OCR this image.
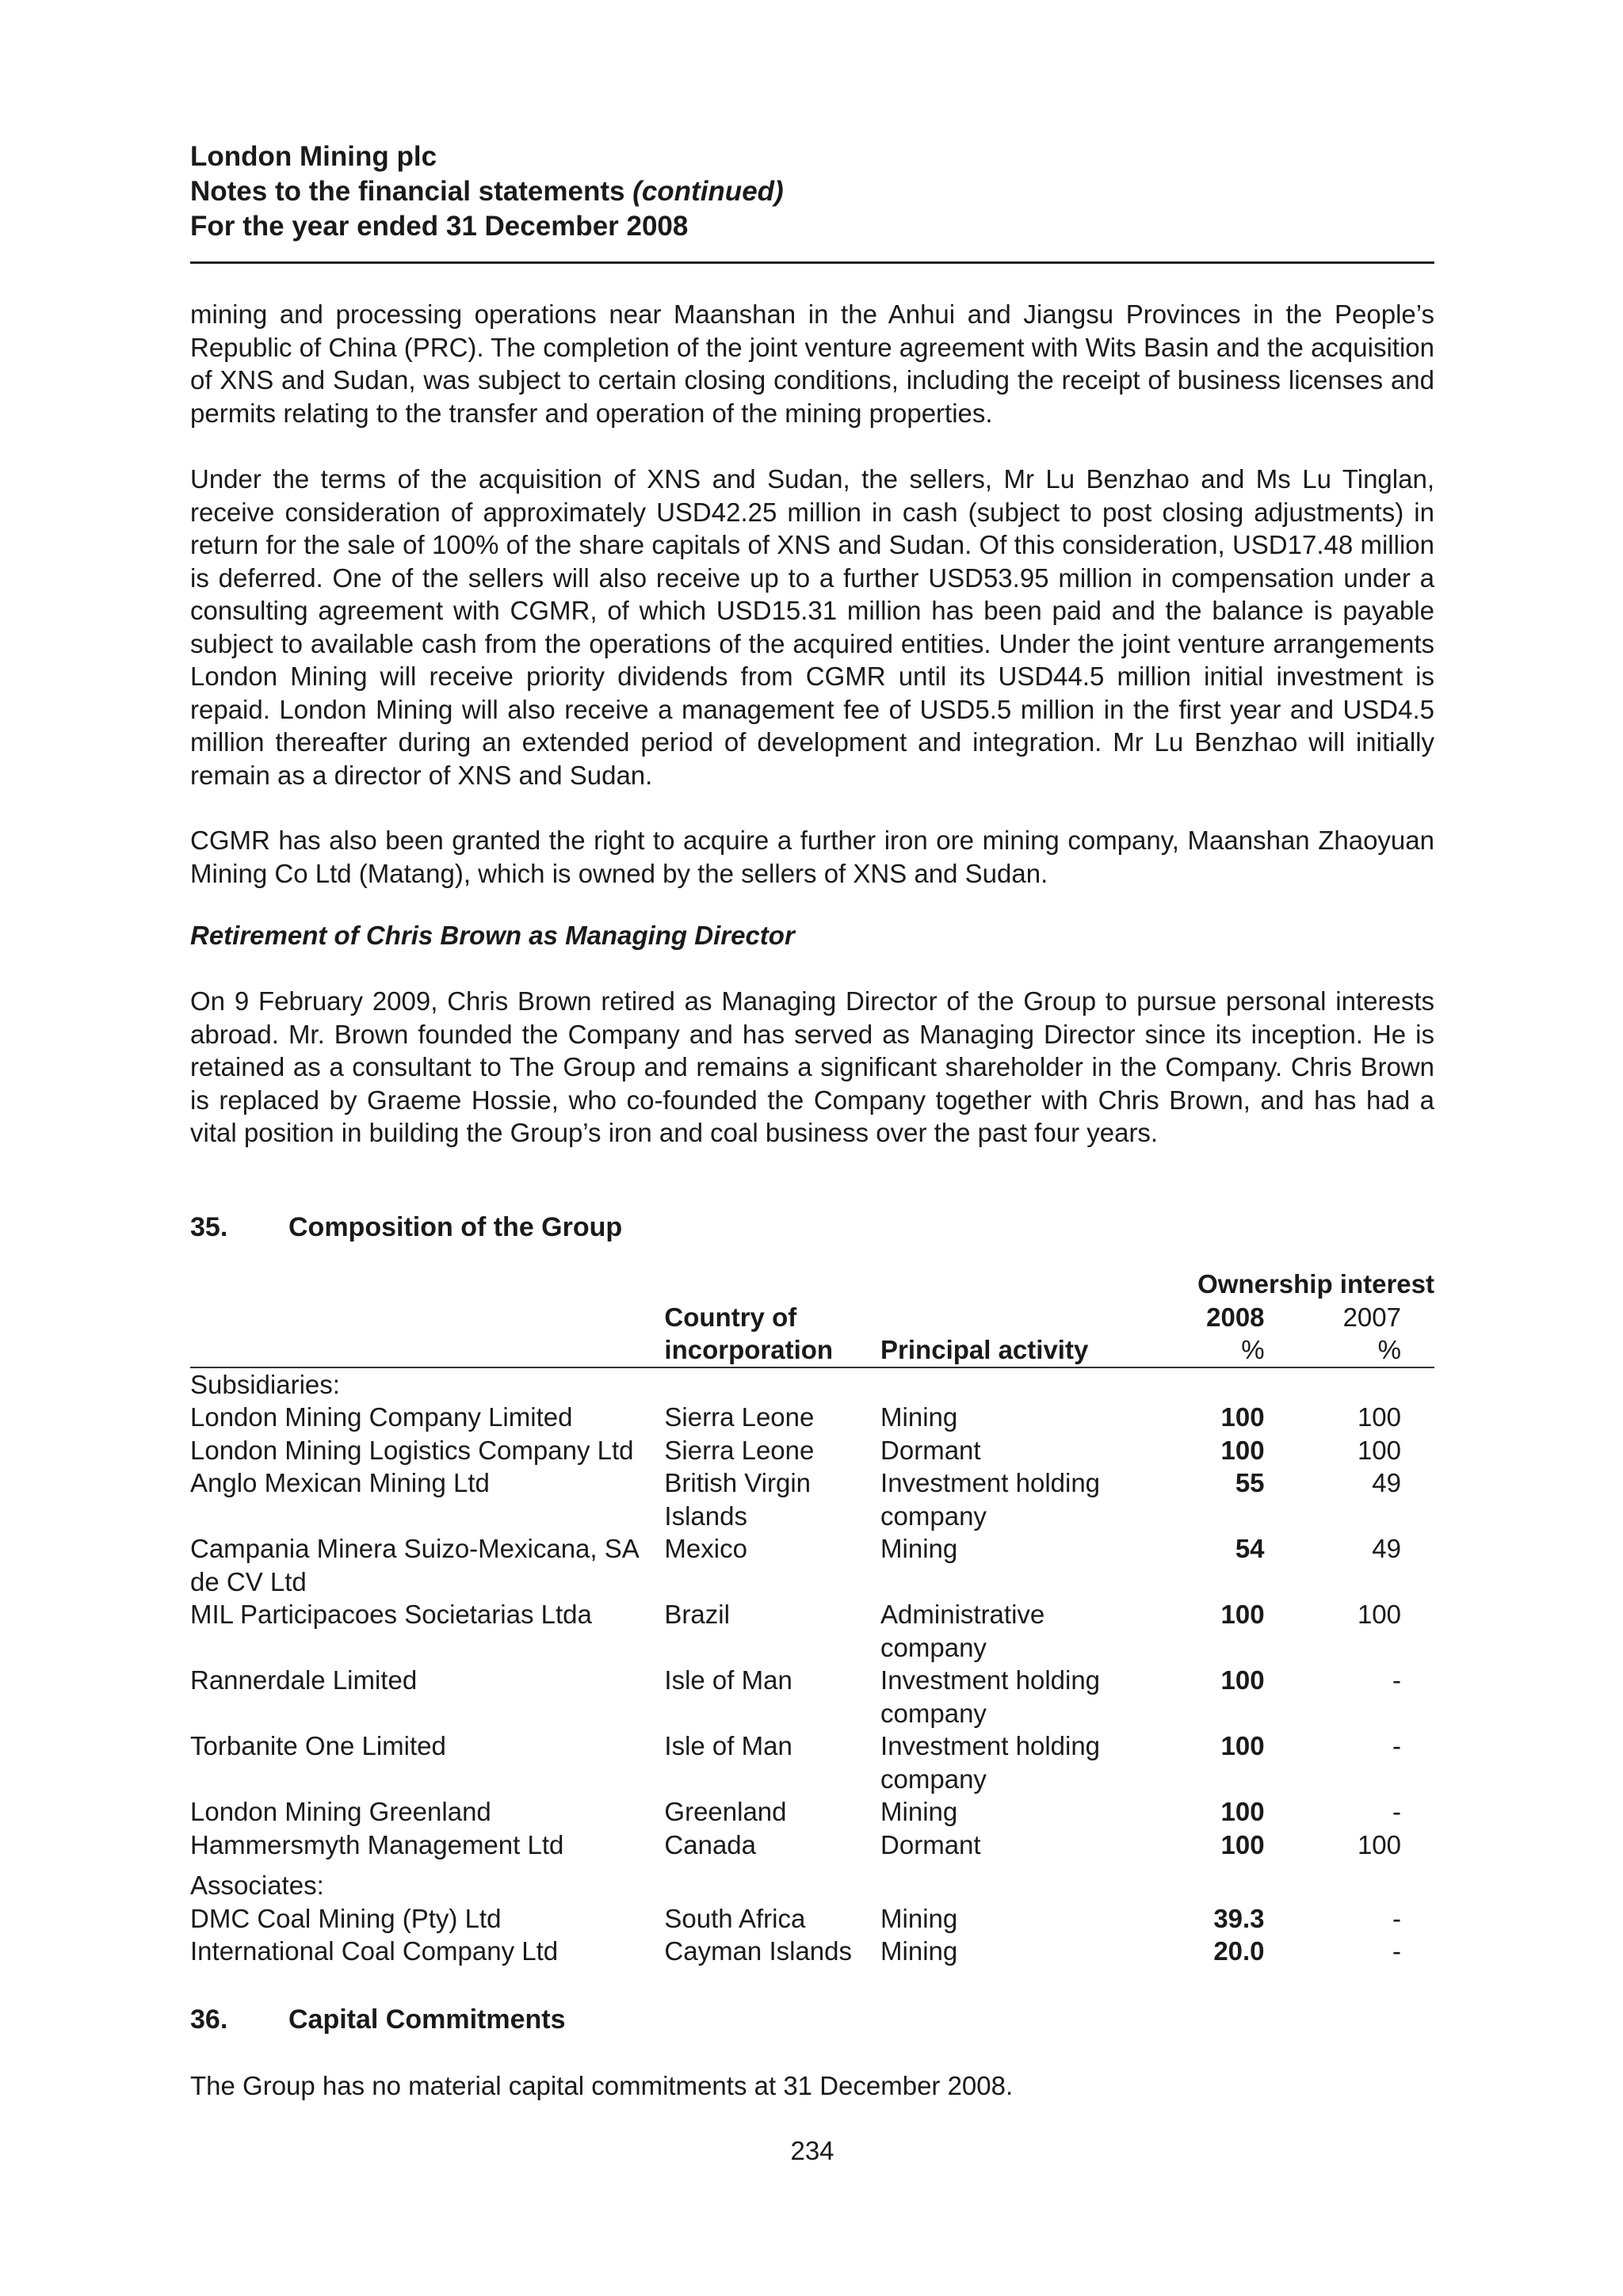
London Mining plc
Notes to the financial statements (continued)
For the year ended 31 December 2008

mining and processing operations near Maanshan in the Anhui and Jiangsu Provinces in the People’s Republic of China (PRC). The completion of the joint venture agreement with Wits Basin and the acquisition of XNS and Sudan, was subject to certain closing conditions, including the receipt of business licenses and permits relating to the transfer and operation of the mining properties.

Under the terms of the acquisition of XNS and Sudan, the sellers, Mr Lu Benzhao and Ms Lu Tinglan, receive consideration of approximately USD42.25 million in cash (subject to post closing adjustments) in return for the sale of 100% of the share capitals of XNS and Sudan. Of this consideration, USD17.48 million is deferred. One of the sellers will also receive up to a further USD53.95 million in compensation under a consulting agreement with CGMR, of which USD15.31 million has been paid and the balance is payable subject to available cash from the operations of the acquired entities. Under the joint venture arrangements London Mining will receive priority dividends from CGMR until its USD44.5 million initial investment is repaid. London Mining will also receive a management fee of USD5.5 million in the first year and USD4.5 million thereafter during an extended period of development and integration. Mr Lu Benzhao will initially remain as a director of XNS and Sudan.

CGMR has also been granted the right to acquire a further iron ore mining company, Maanshan Zhaoyuan Mining Co Ltd (Matang), which is owned by the sellers of XNS and Sudan.

Retirement of Chris Brown as Managing Director

On 9 February 2009, Chris Brown retired as Managing Director of the Group to pursue personal interests abroad. Mr. Brown founded the Company and has served as Managing Director since its inception. He is retained as a consultant to The Group and remains a significant shareholder in the Company. Chris Brown is replaced by Graeme Hossie, who co-founded the Company together with Chris Brown, and has had a vital position in building the Group’s iron and coal business over the past four years.

35. Composition of the Group
			Ownership interest	
	Country of		2008	2007
	incorporation	Principal activity	%	%
Subsidiaries:				
London Mining Company Limited	Sierra Leone	Mining	100	100
London Mining Logistics Company Ltd	Sierra Leone	Dormant	100	100
Anglo Mexican Mining Ltd	British Virgin Islands	Investment holding company	55	49
Campania Minera Suizo-Mexicana, SA de CV Ltd	Mexico	Mining	54	49
MIL Participacoes Societarias Ltda	Brazil	Administrative company	100	100
Rannerdale Limited	Isle of Man	Investment holding company	100	-
Torbanite One Limited	Isle of Man	Investment holding company	100	-
London Mining Greenland	Greenland	Mining	100	-
Hammersmyth Management Ltd	Canada	Dormant	100	100

Associates:				
DMC Coal Mining (Pty) Ltd	South Africa	Mining	39.3	-
International Coal Company Ltd	Cayman Islands	Mining	20.0	-
36. Capital Commitments

The Group has no material capital commitments at 31 December 2008.

234
